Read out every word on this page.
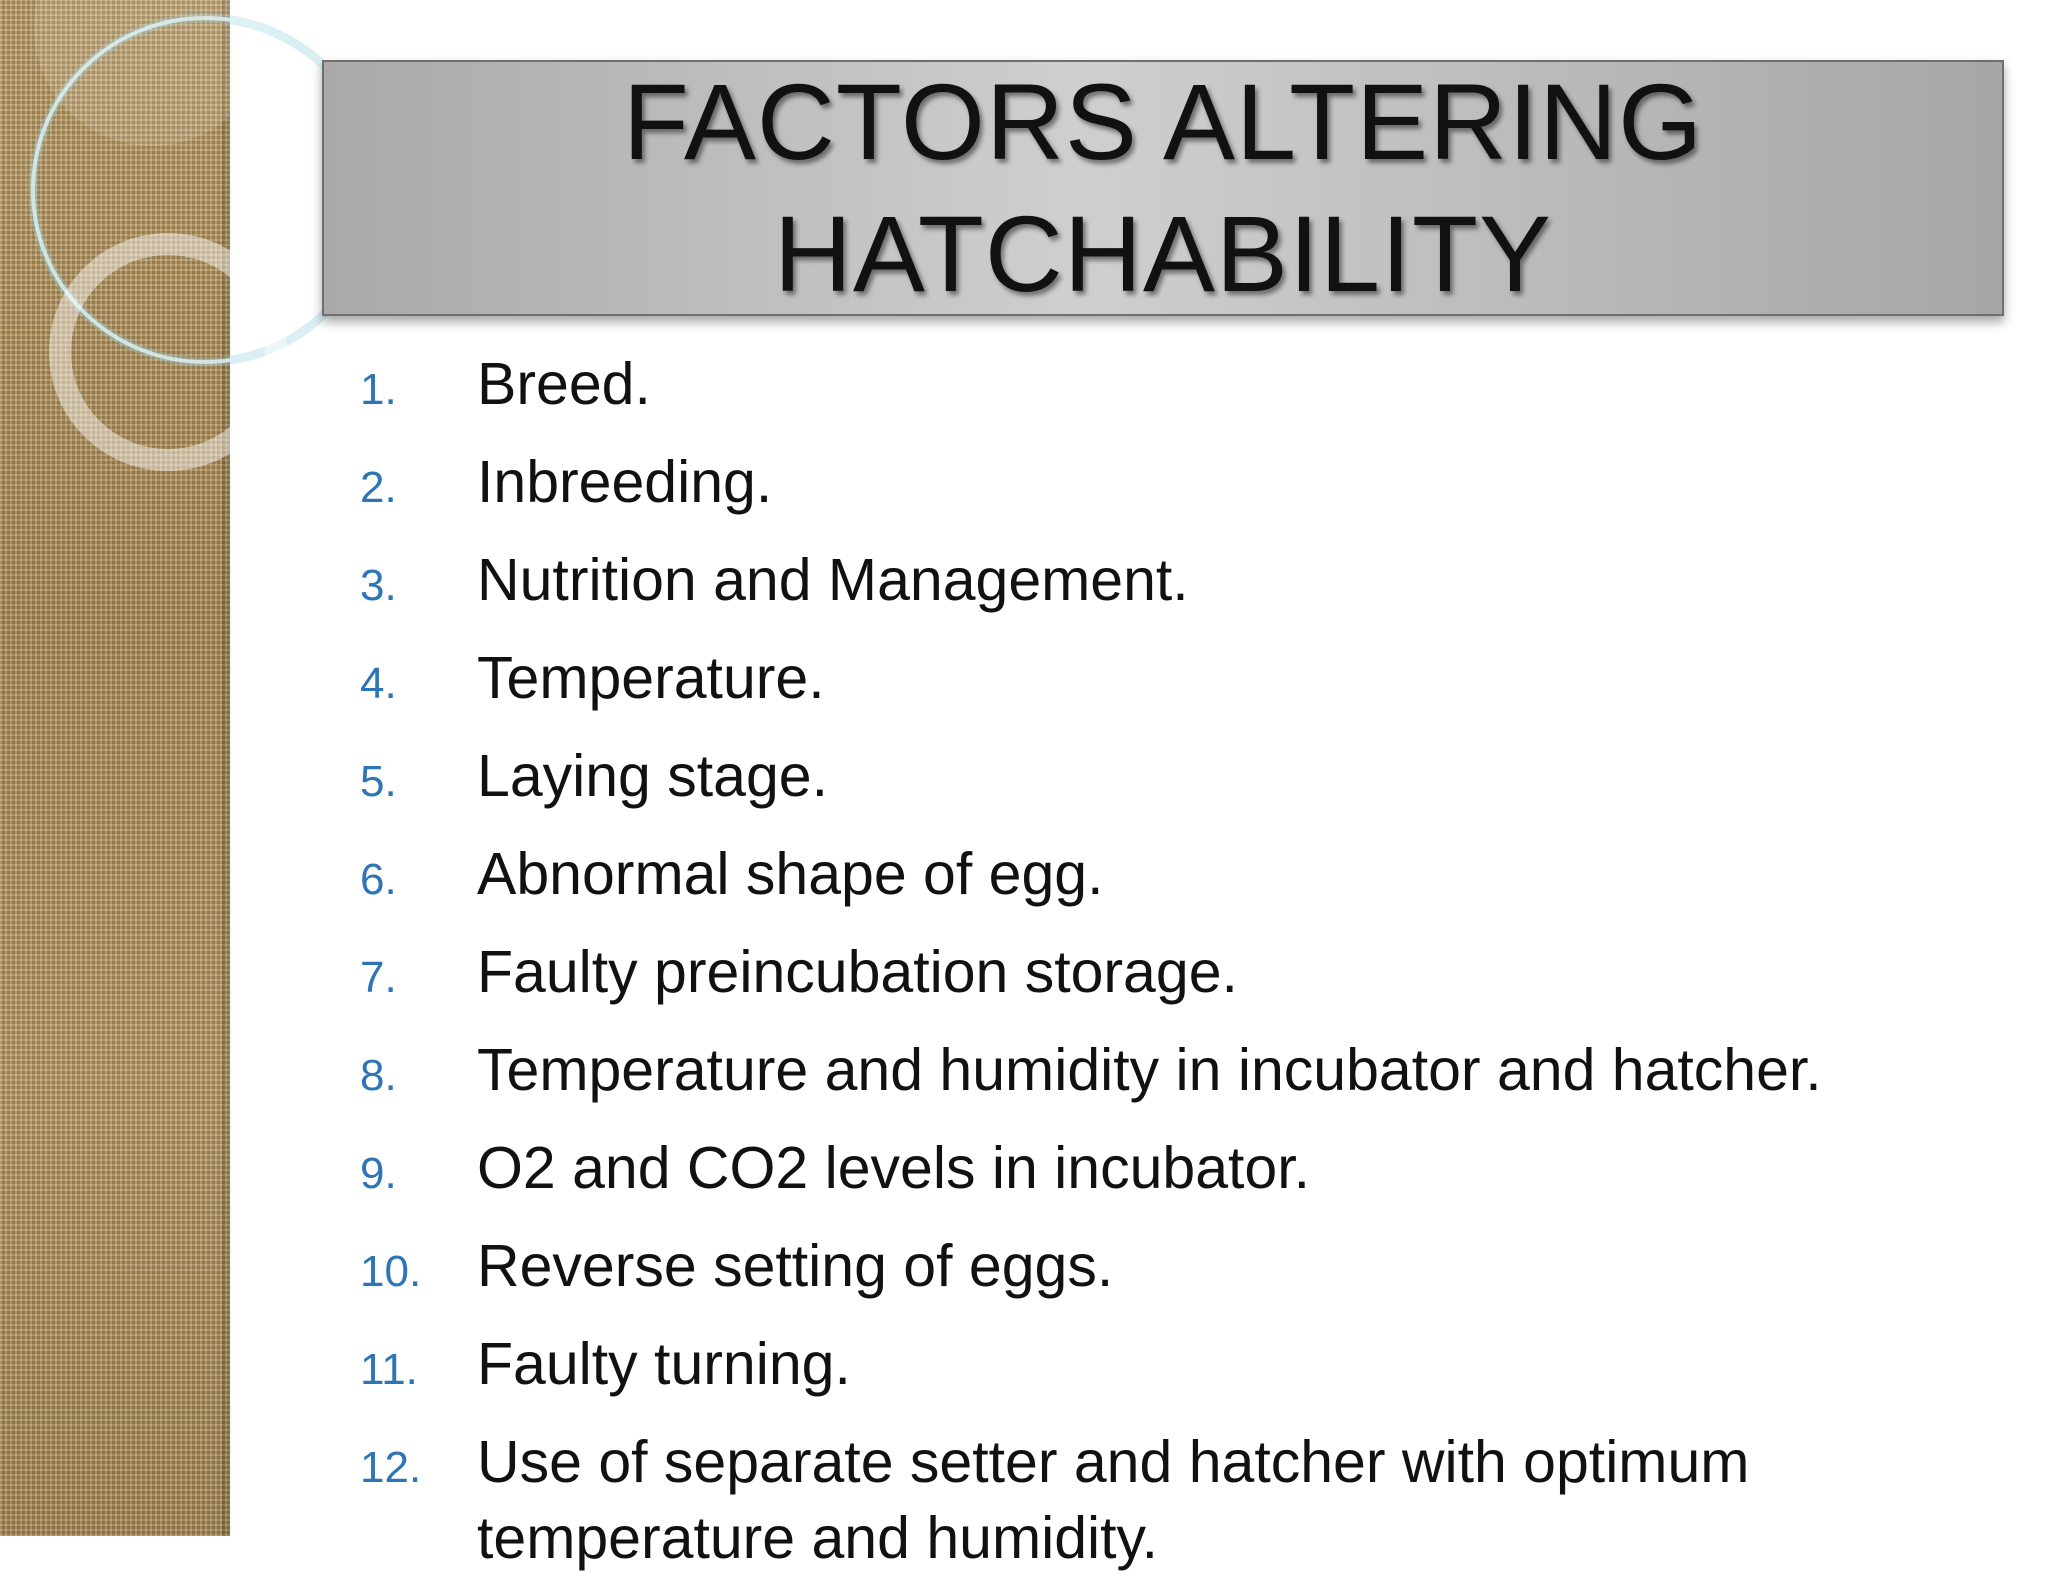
FACTORS ALTERING
HATCHABILITY
1.	Breed.
2.	Inbreeding.
3.	Nutrition and Management.
4.	Temperature.
5.	Laying stage.
6.	Abnormal shape of egg.
7.	Faulty preincubation storage.
8.	Temperature and humidity in incubator and hatcher.
9.	O2 and CO2 levels in incubator.
10. Reverse setting of eggs.
11.	Faulty turning.
12. Use of separate setter and hatcher with optimum temperature and humidity.
